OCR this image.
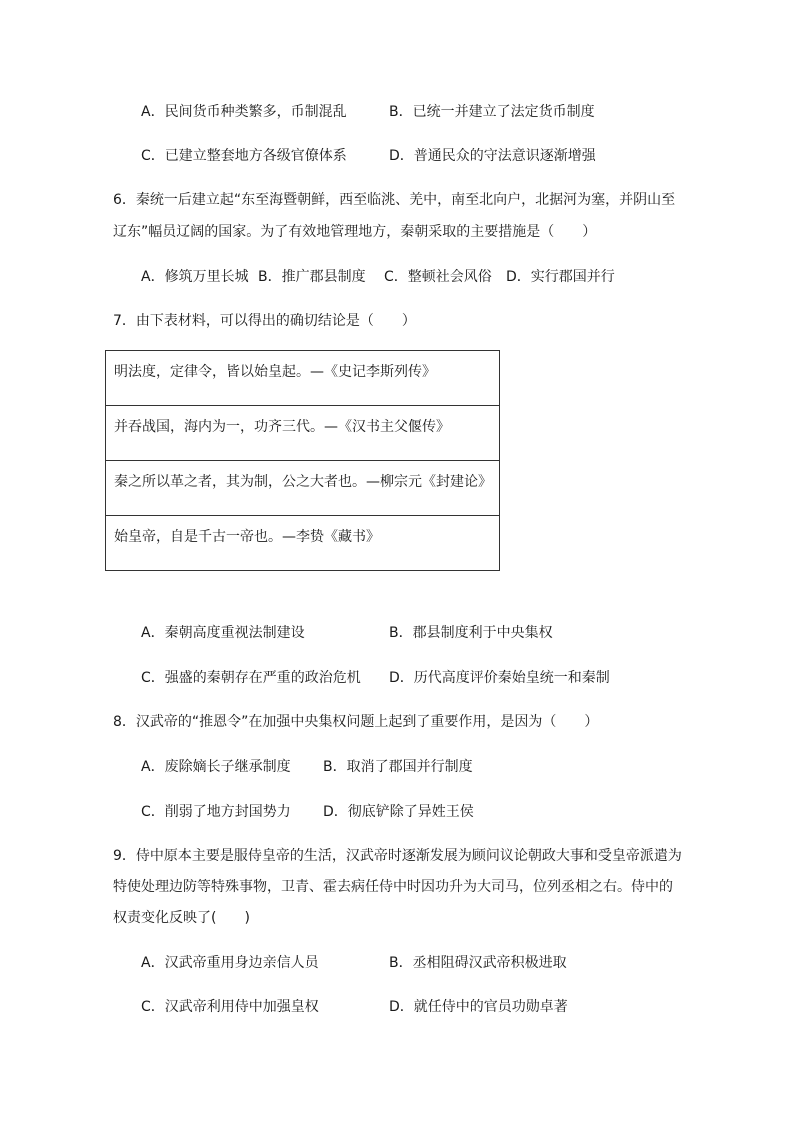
A．民间货币种类繁多，币制混乱	B．已统一并建立了法定货币制度
C．已建立整套地方各级官僚体系	D．普通民众的守法意识逐渐增强
6．秦统一后建立起“东至海暨朝鲜，西至临洮、羌中，南至北向户，北据河为塞，并阴山至
辽东”幅员辽阔的国家。为了有效地管理地方，秦朝采取的主要措施是（　　）
A．修筑万里长城 B．推广郡县制度 C．整顿社会风俗 D．实行郡国并行
7．由下表材料，可以得出的确切结论是（　　）
明法度，定律令，皆以始皇起。—《史记李斯列传》

并吞战国，海内为一，功齐三代。—《汉书主父偃传》

秦之所以革之者，其为制，公之大者也。—柳宗元《封建论》

始皇帝，自是千古一帝也。—李贽《藏书》
A．秦朝高度重视法制建设	B．郡县制度利于中央集权
C．强盛的秦朝存在严重的政治危机 D．历代高度评价秦始皇统一和秦制
8．汉武帝的“推恩令”在加强中央集权问题上起到了重要作用，是因为（　　）
A．废除嫡长子继承制度 B．取消了郡国并行制度
C．削弱了地方封国势力 D．彻底铲除了异姓王侯
9．侍中原本主要是服侍皇帝的生活，汉武帝时逐渐发展为顾问议论朝政大事和受皇帝派遣为
特使处理边防等特殊事物，卫青、霍去病任侍中时因功升为大司马，位列丞相之右。侍中的
权责变化反映了(　　)
A．汉武帝重用身边亲信人员	B．丞相阻碍汉武帝积极进取
C．汉武帝利用侍中加强皇权	D．就任侍中的官员功勋卓著
